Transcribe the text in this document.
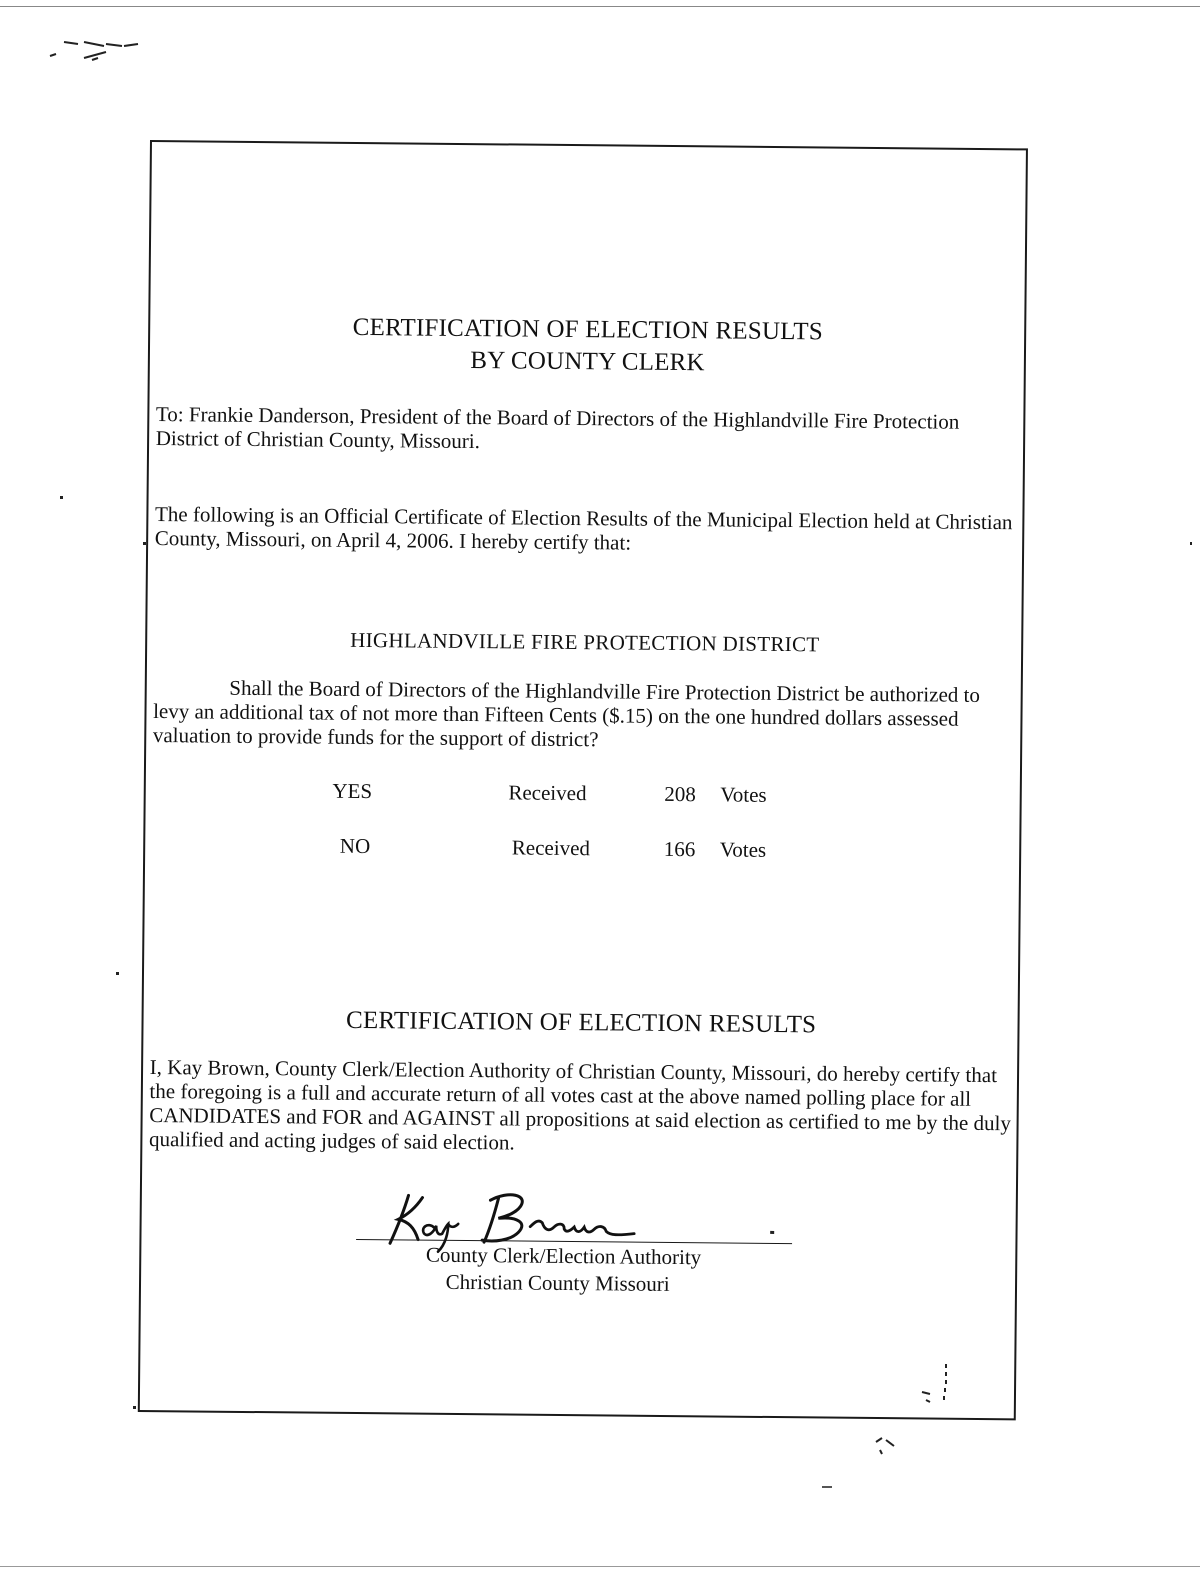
CERTIFICATION OF ELECTION RESULTS
BY COUNTY CLERK

To: Frankie Danderson, President of the Board of Directors of the Highlandville Fire Protection District of Christian County, Missouri.

The following is an Official Certificate of Election Results of the Municipal Election held at Christian County, Missouri, on April 4, 2006. I hereby certify that:

HIGHLANDVILLE FIRE PROTECTION DISTRICT

Shall the Board of Directors of the Highlandville Fire Protection District be authorized to levy an additional tax of not more than Fifteen Cents ($.15) on the one hundred dollars assessed valuation to provide funds for the support of district?

YES	Received	208 Votes
NO	Received	166 Votes
CERTIFICATION OF ELECTION RESULTS

I, Kay Brown, County Clerk/Election Authority of Christian County, Missouri, do hereby certify that the foregoing is a full and accurate return of all votes cast at the above named polling place for all CANDIDATES and FOR and AGAINST all propositions at said election as certified to me by the duly qualified and acting judges of said election.

County Clerk/Election Authority
Christian County Missouri
